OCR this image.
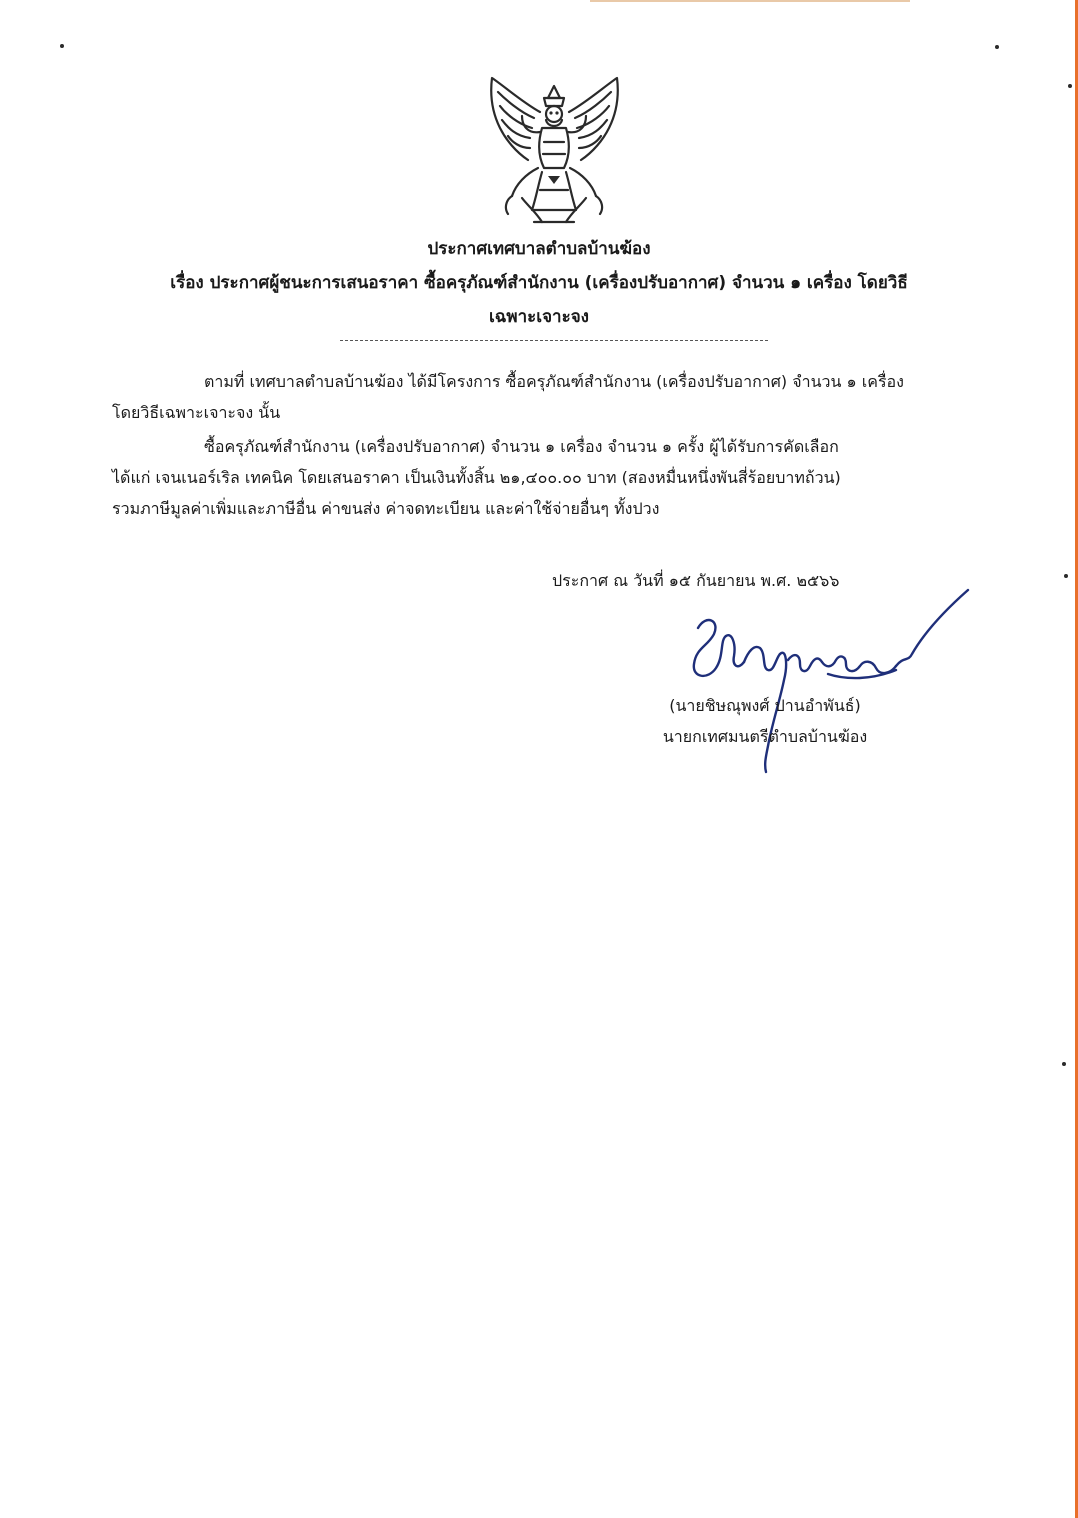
ประกาศเทศบาลตำบลบ้านฆ้อง
เรื่อง ประกาศผู้ชนะการเสนอราคา ซื้อครุภัณฑ์สำนักงาน (เครื่องปรับอากาศ) จำนวน ๑ เครื่อง โดยวิธี
เฉพาะเจาะจง
ตามที่ เทศบาลตำบลบ้านฆ้อง ได้มีโครงการ ซื้อครุภัณฑ์สำนักงาน (เครื่องปรับอากาศ) จำนวน ๑ เครื่อง
โดยวิธีเฉพาะเจาะจง นั้น
ซื้อครุภัณฑ์สำนักงาน (เครื่องปรับอากาศ) จำนวน ๑ เครื่อง จำนวน ๑ ครั้ง ผู้ได้รับการคัดเลือก
ได้แก่ เจนเนอร์เริล เทคนิค โดยเสนอราคา เป็นเงินทั้งสิ้น ๒๑,๔๐๐.๐๐ บาท (สองหมื่นหนึ่งพันสี่ร้อยบาทถ้วน)
รวมภาษีมูลค่าเพิ่มและภาษีอื่น ค่าขนส่ง ค่าจดทะเบียน และค่าใช้จ่ายอื่นๆ ทั้งปวง
ประกาศ ณ วันที่ ๑๕ กันยายน พ.ศ. ๒๕๖๖
(นายชิษณุพงศ์ ปานอำพันธ์)
นายกเทศมนตรีตำบลบ้านฆ้อง
